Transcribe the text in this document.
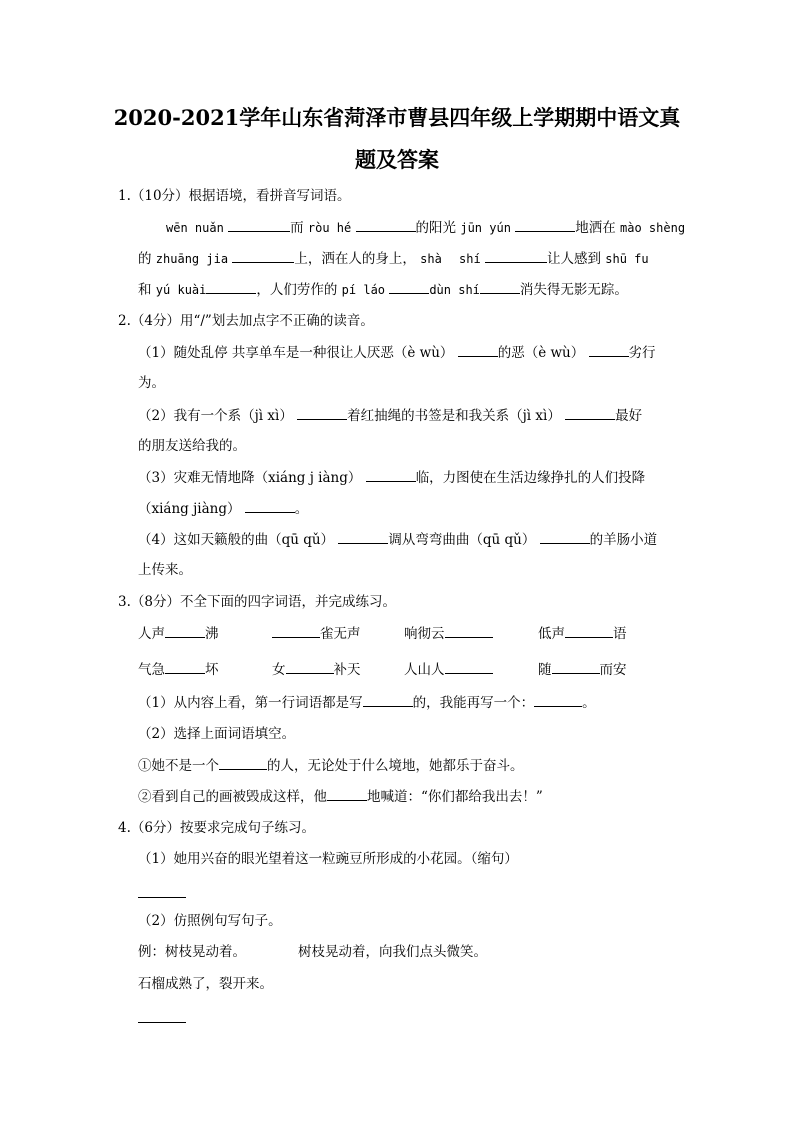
2020-2021学年山东省菏泽市曹县四年级上学期期中语文真
题及答案
1.（10分）根据语境，看拼音写词语。
wēn nuǎn	而 ròu hé	的阳光 jūn yún	地洒在 mào shèng
的 zhuāng jia	上，洒在人的身上， shà shí	让人感到 shū fu
和 yú kuài	，人们劳作的 pí láo	dùn shí	消失得无影无踪。
2.（4分）用“/”划去加点字不正确的读音。
（1）随处乱停 共享单车是一种很让人厌恶（è wù）	的恶（è wù）	劣行
为。
（2）我有一个系（jì xì）	着红抽绳的书签是和我关系（jì xì）	最好
的朋友送给我的。
（3）灾难无情地降（xiáng j iàng）	临，力图使在生活边缘挣扎的人们投降
（xiáng jiàng）	。
（4）这如天籁般的曲（qū qǔ）	调从弯弯曲曲（qū qǔ）	的羊肠小道
上传来。
3.（8分）不全下面的四字词语，并完成练习。
人声	沸	雀无声	响彻云	低声	语
气急	坏	女	补天	人山人	随	而安
（1）从内容上看，第一行词语都是写	的，我能再写一个：	。
（2）选择上面词语填空。
①她不是一个	的人，无论处于什么境地，她都乐于奋斗。
②看到自己的画被毁成这样，他	地喊道：“你们都给我出去！”
4.（6分）按要求完成句子练习。
（1）她用兴奋的眼光望着这一粒豌豆所形成的小花园。（缩句）
（2）仿照例句写句子。
例：树枝晃动着。	树枝晃动着，向我们点头微笑。
石榴成熟了，裂开来。
